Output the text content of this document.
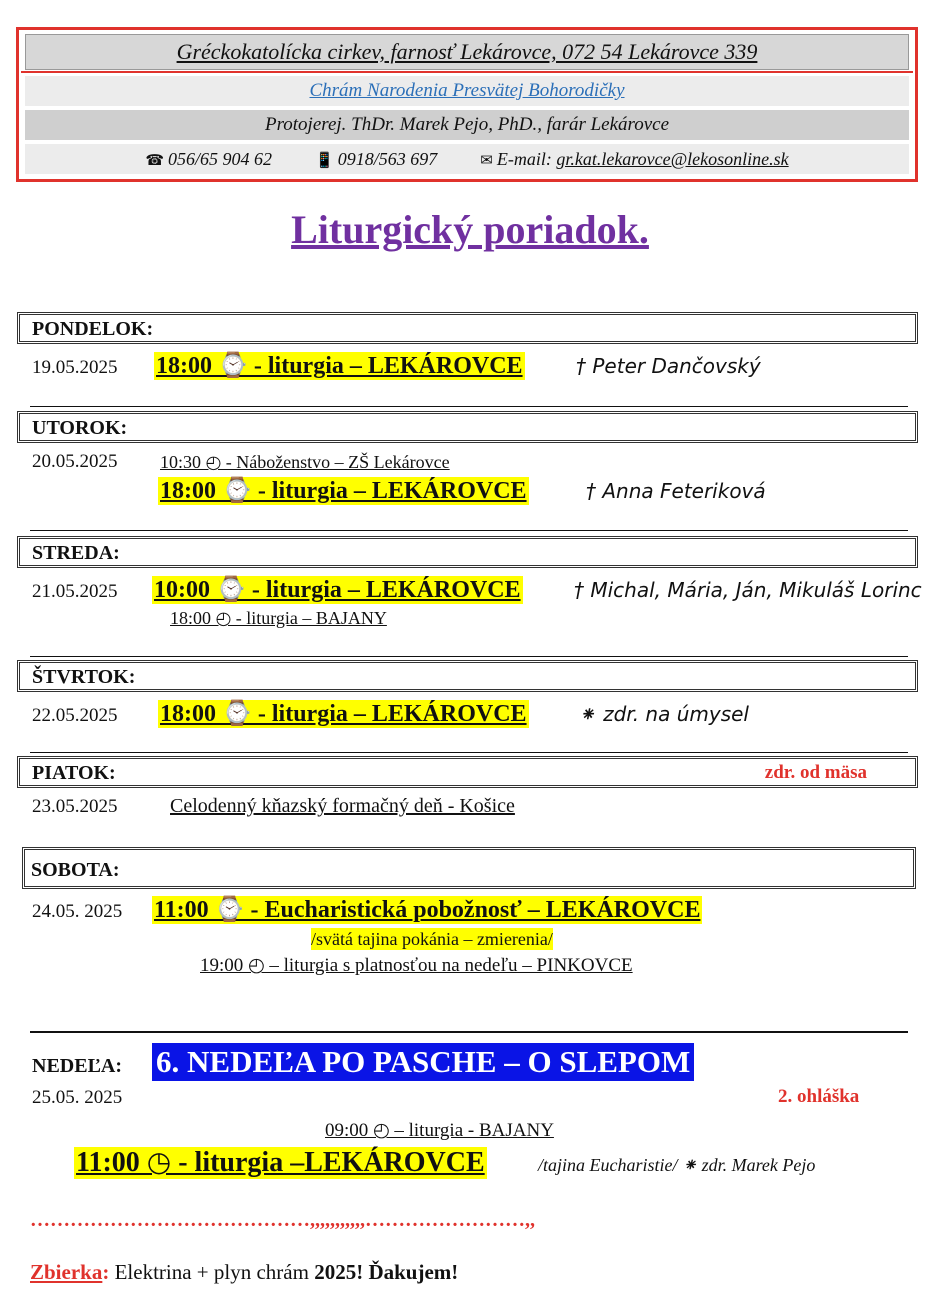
Gréckokatolícka cirkev, farnosť Lekárovce, 072 54 Lekárovce 339
Chrám Narodenia Presvätej Bohorodičky
Protojerej. ThDr. Marek Pejo, PhD., farár Lekárovce
☎ 056/65 904 62	📱 0918/563 697	✉ E-mail: gr.kat.lekarovce@lekosonline.sk
Liturgický poriadok.
PONDELOK:
19.05.2025 18:00 ⌚ - liturgia – LEKÁROVCE	† Peter Dančovský
UTOROK:
20.05.2025 10:30 ◴ - Náboženstvo – ZŠ Lekárovce
18:00 ⌚ - liturgia – LEKÁROVCE	† Anna Feteriková
STREDA:
21.05.2025 10:00 ⌚ - liturgia – LEKÁROVCE	† Michal, Mária, Ján, Mikuláš Lorinc
18:00 ◴ - liturgia – BAJANY
ŠTVRTOK:
22.05.2025 18:00 ⌚ - liturgia – LEKÁROVCE	⁕ zdr. na úmysel
PIATOK:	zdr. od mäsa
23.05.2025	Celodenný kňazský formačný deň - Košice
SOBOTA:
24.05. 2025 11:00 ⌚ - Eucharistická pobožnosť – LEKÁROVCE
/svätá tajina pokánia – zmierenia/
19:00 ◴ – liturgia s platnosťou na nedeľu – PINKOVCE
NEDEĽA: 6. NEDEĽA PO PASCHE – O SLEPOM
25.05. 2025	2. ohláška
09:00 ◴ – liturgia - BAJANY
11:00 ◷ - liturgia –LEKÁROVCE	/tajina Eucharistie/ ⁕ zdr. Marek Pejo
……………………………………,,,,,,,,,,,……………………,,
Zbierka: Elektrina + plyn chrám 2025! Ďakujem!
